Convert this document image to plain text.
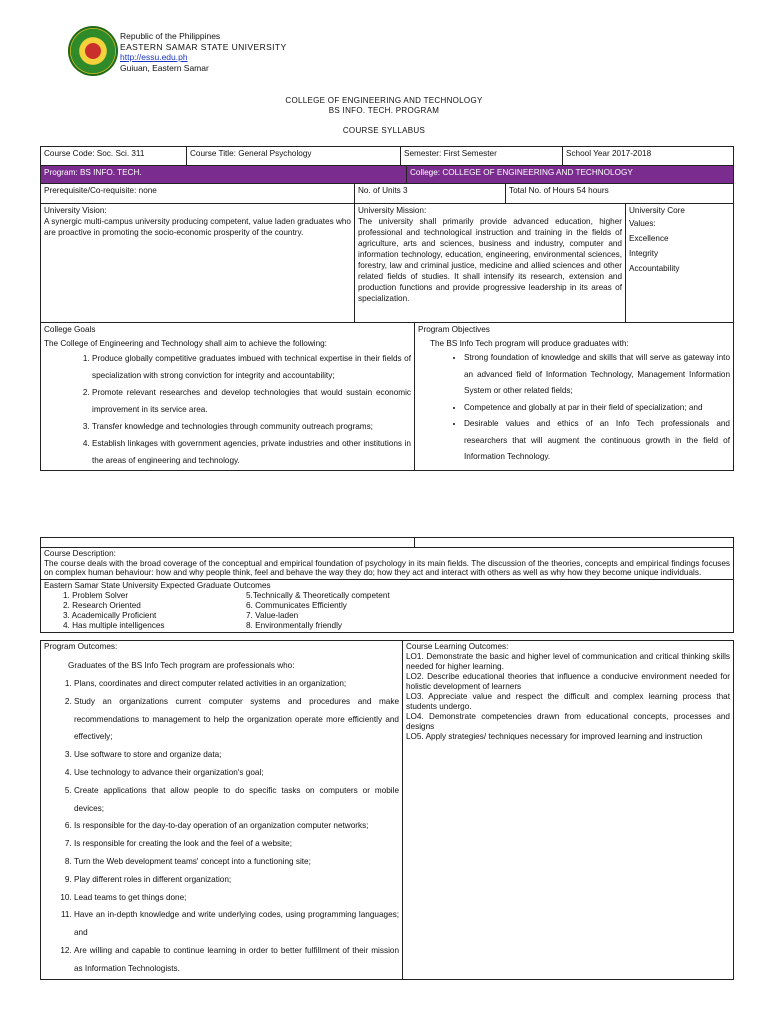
Republic of the Philippines
EASTERN SAMAR STATE UNIVERSITY
http://essu.edu.ph
Guiuan, Eastern Samar
COLLEGE OF ENGINEERING AND TECHNOLOGY
BS INFO. TECH. PROGRAM
COURSE SYLLABUS
Course Code: Soc. Sci. 311	Course Title: General Psychology	Semester: First Semester	School Year 2017-2018
Program: BS INFO. TECH.	College: COLLEGE OF ENGINEERING AND TECHNOLOGY
Prerequisite/Co-requisite: none	No. of Units 3	Total No. of Hours 54 hours
University Vision:
A synergic multi-campus university producing competent, value laden graduates who are proactive in promoting the socio-economic prosperity of the country.

University Mission:
The university shall primarily provide advanced education, higher professional and technological instruction and training in the fields of agriculture, arts and sciences, business and industry, computer and information technology, education, engineering, environmental sciences, forestry, law and criminal justice, medicine and allied sciences and other related fields of studies. It shall intensify its research, extension and production functions and provide progressive leadership in its areas of specialization.

University Core
Values:
Excellence
Integrity
Accountability
College Goals
The College of Engineering and Technology shall aim to achieve the following:
1. Produce globally competitive graduates imbued with technical expertise in their fields of specialization with strong conviction for integrity and accountability;
2. Promote relevant researches and develop technologies that would sustain economic improvement in its service area.
3. Transfer knowledge and technologies through community outreach programs;
4. Establish linkages with government agencies, private industries and other institutions in the areas of engineering and technology.

Program Objectives
The BS Info Tech program will produce graduates with:
• Strong foundation of knowledge and skills that will serve as gateway into an advanced field of Information Technology, Management Information System or other related fields;
• Competence and globally at par in their field of specialization; and
• Desirable values and ethics of an Info Tech professionals and researchers that will augment the continuous growth in the field of Information Technology.

Course Description:
The course deals with the broad coverage of the conceptual and empirical foundation of psychology in its main fields. The discussion of the theories, concepts and empirical findings focuses on complex human behaviour: how and why people think, feel and behave the way they do; how they act and interact with others as well as why how they become unique individuals.

Eastern Samar State University Expected Graduate Outcomes
1. Problem Solver	5.Technically & Theoretically competent
2. Research Oriented	6. Communicates Efficiently
3. Academically Proficient	7. Value-laden
4. Has multiple intelligences	8. Environmentally friendly
Program Outcomes:
Graduates of the BS Info Tech program are professionals who:
1. Plans, coordinates and direct computer related activities in an organization;
2. Study an organizations current computer systems and procedures and make recommendations to management to help the organization operate more efficiently and effectively;
3. Use software to store and organize data;
4. Use technology to advance their organization's goal;
5. Create applications that allow people to do specific tasks on computers or mobile devices;
6. Is responsible for the day-to-day operation of an organization computer networks;
7. Is responsible for creating the look and the feel of a website;
8. Turn the Web development teams' concept into a functioning site;
9. Play different roles in different organization;
10. Lead teams to get things done;
11. Have an in-depth knowledge and write underlying codes, using programming languages; and
12. Are willing and capable to continue learning in order to better fulfillment of their mission as Information Technologists.

Course Learning Outcomes:
LO1. Demonstrate the basic and higher level of communication and critical thinking skills needed for higher learning.
LO2. Describe educational theories that influence a conducive environment needed for holistic development of learners
LO3. Appreciate value and respect the difficult and complex learning process that students undergo.
LO4. Demonstrate competencies drawn from educational concepts, processes and designs
LO5. Apply strategies/ techniques necessary for improved learning and instruction
